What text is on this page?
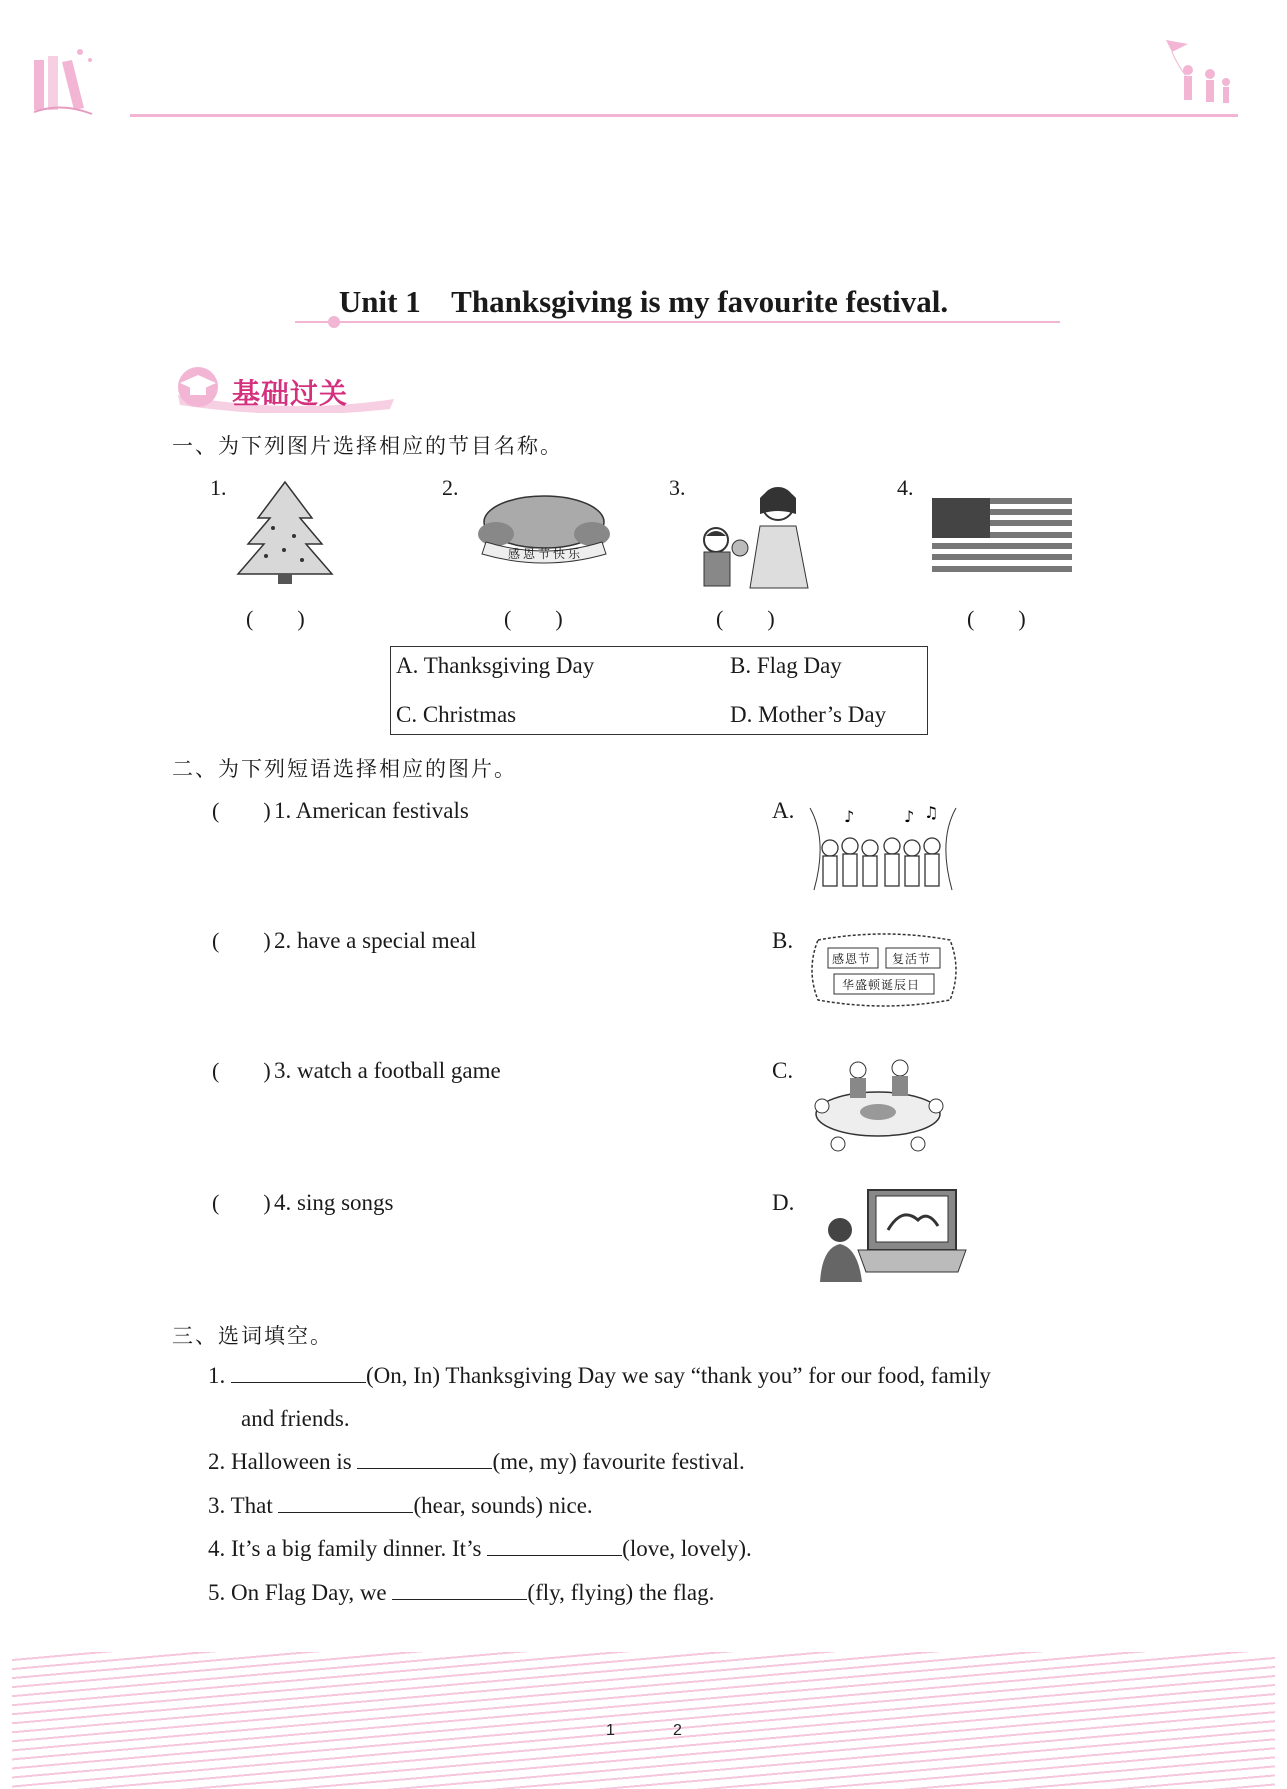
Unit 1    Thanksgiving is my favourite festival.
基础过关
一、为下列图片选择相应的节目名称。
1.	2.	3.	4.
感恩节快乐
(        )	(        )	(        )	(        )
A. Thanksgiving Day	B. Flag Day
C. Christmas	D. Mother’s Day
二、为下列短语选择相应的图片。
(        ) 1. American festivals	A.
(        ) 2. have a special meal	B.
(        ) 3. watch a football game	C.
(        ) 4. sing songs	D.
♪	♪ ♫
感恩节 复活节
华盛顿诞辰日
三、选词填空。
1.	(On, In) Thanksgiving Day we say “thank you” for our food, family
and friends.
2. Halloween is	(me, my) favourite festival.
3. That	(hear, sounds) nice.
4. It’s a big family dinner. It’s	(love, lovely).
5. On Flag Day, we	(fly, flying) the flag.
1	2
